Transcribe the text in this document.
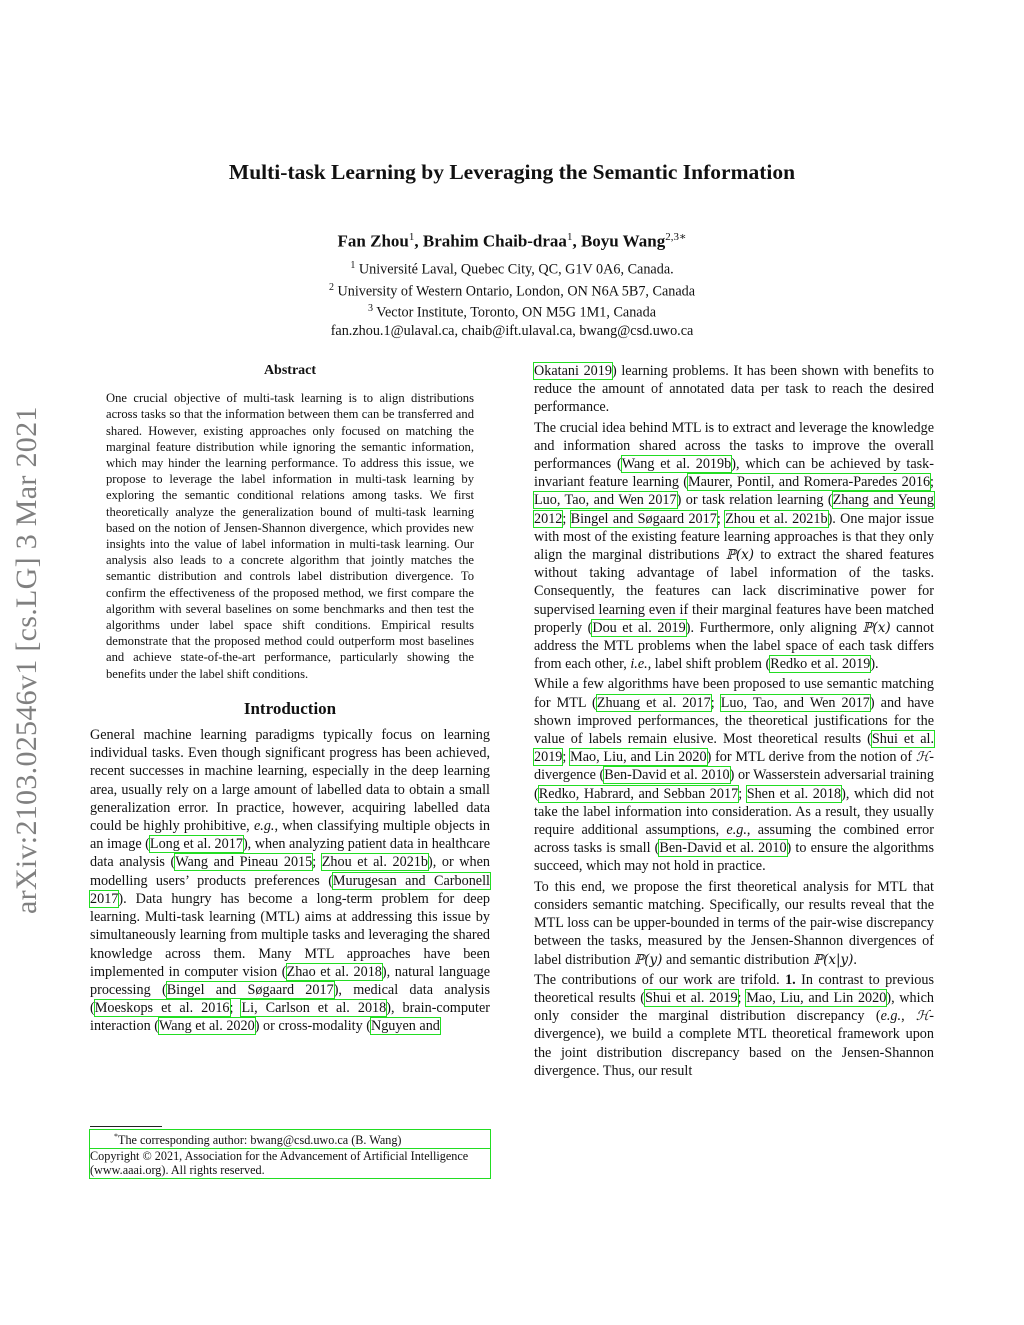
arXiv:2103.02546v1 [cs.LG] 3 Mar 2021
Multi-task Learning by Leveraging the Semantic Information
Fan Zhou$^1$, Brahim Chaib-draa$^1$, Boyu Wang$^{2,3∗}$
$^1$ Université Laval, Quebec City, QC, G1V 0A6, Canada.
$^2$ University of Western Ontario, London, ON N6A 5B7, Canada
$^3$ Vector Institute, Toronto, ON M5G 1M1, Canada
fan.zhou.1@ulaval.ca, chaib@ift.ulaval.ca, bwang@csd.uwo.ca
Abstract

One crucial objective of multi-task learning is to align distributions across tasks so that the information between them can be transferred and shared. However, existing approaches only focused on matching the marginal feature distribution while ignoring the semantic information, which may hinder the learning performance. To address this issue, we propose to leverage the label information in multi-task learning by exploring the semantic conditional relations among tasks. We first theoretically analyze the generalization bound of multi-task learning based on the notion of Jensen-Shannon divergence, which provides new insights into the value of label information in multi-task learning. Our analysis also leads to a concrete algorithm that jointly matches the semantic distribution and controls label distribution divergence. To confirm the effectiveness of the proposed method, we first compare the algorithm with several baselines on some benchmarks and then test the algorithms under label space shift conditions. Empirical results demonstrate that the proposed method could outperform most baselines and achieve state-of-the-art performance, particularly showing the benefits under the label shift conditions.

Introduction

General machine learning paradigms typically focus on learning individual tasks. Even though significant progress has been achieved, recent successes in machine learning, especially in the deep learning area, usually rely on a large amount of labelled data to obtain a small generalization error. In practice, however, acquiring labelled data could be highly prohibitive, e.g., when classifying multiple objects in an image (Long et al. 2017), when analyzing patient data in healthcare data analysis (Wang and Pineau 2015; Zhou et al. 2021b), or when modelling users’ products preferences (Murugesan and Carbonell 2017). Data hungry has become a long-term problem for deep learning. Multi-task learning (MTL) aims at addressing this issue by simultaneously learning from multiple tasks and leveraging the shared knowledge across them. Many MTL approaches have been implemented in computer vision (Zhao et al. 2018), natural language processing (Bingel and Søgaard 2017), medical data analysis (Moeskops et al. 2016; Li, Carlson et al. 2018), brain-computer interaction (Wang et al. 2020) or cross-modality (Nguyen and

*The corresponding author: bwang@csd.uwo.ca (B. Wang)
Copyright © 2021, Association for the Advancement of Artificial Intelligence (www.aaai.org). All rights reserved.

Okatani 2019) learning problems. It has been shown with benefits to reduce the amount of annotated data per task to reach the desired performance.

The crucial idea behind MTL is to extract and leverage the knowledge and information shared across the tasks to improve the overall performances (Wang et al. 2019b), which can be achieved by task-invariant feature learning (Maurer, Pontil, and Romera-Paredes 2016; Luo, Tao, and Wen 2017) or task relation learning (Zhang and Yeung 2012; Bingel and Søgaard 2017; Zhou et al. 2021b). One major issue with most of the existing feature learning approaches is that they only align the marginal distributions ℙ(x) to extract the shared features without taking advantage of label information of the tasks. Consequently, the features can lack discriminative power for supervised learning even if their marginal features have been matched properly (Dou et al. 2019). Furthermore, only aligning ℙ(x) cannot address the MTL problems when the label space of each task differs from each other, i.e., label shift problem (Redko et al. 2019).

While a few algorithms have been proposed to use semantic matching for MTL (Zhuang et al. 2017; Luo, Tao, and Wen 2017) and have shown improved performances, the theoretical justifications for the value of labels remain elusive. Most theoretical results (Shui et al. 2019; Mao, Liu, and Lin 2020) for MTL derive from the notion of ℋ-divergence (Ben-David et al. 2010) or Wasserstein adversarial training (Redko, Habrard, and Sebban 2017; Shen et al. 2018), which did not take the label information into consideration. As a result, they usually require additional assumptions, e.g., assuming the combined error across tasks is small (Ben-David et al. 2010) to ensure the algorithms succeed, which may not hold in practice.

To this end, we propose the first theoretical analysis for MTL that considers semantic matching. Specifically, our results reveal that the MTL loss can be upper-bounded in terms of the pair-wise discrepancy between the tasks, measured by the Jensen-Shannon divergences of label distribution ℙ(y) and semantic distribution ℙ(x|y).

The contributions of our work are trifold. 1. In contrast to previous theoretical results (Shui et al. 2019; Mao, Liu, and Lin 2020), which only consider the marginal distribution discrepancy (e.g., ℋ-divergence), we build a complete MTL theoretical framework upon the joint distribution discrepancy based on the Jensen-Shannon divergence. Thus, our result
